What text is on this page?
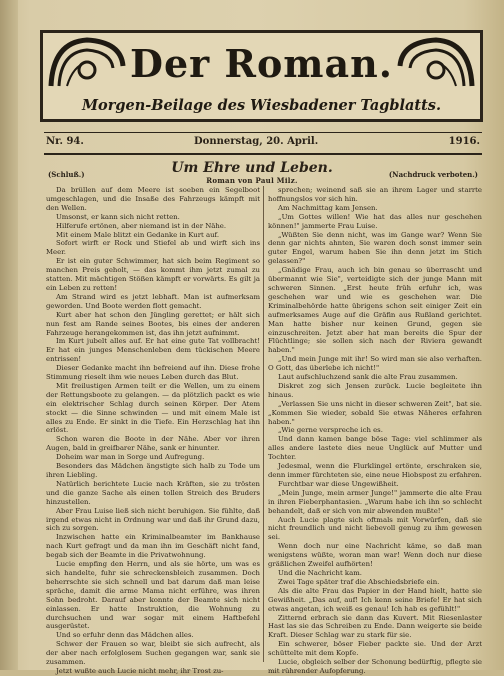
Der Roman.
Morgen-Beilage des Wiesbadener Tagblatts.
Nr. 94.	Donnerstag, 20. April.	1916.
Um Ehre und Leben.
(Schluß.)	(Nachdruck verboten.)
Roman von Paul Milz.

Da brüllen auf dem Meere ist soeben ein Segelboot umgeschlagen, und die Insaße des Fahrzeugs kämpft mit den Wellen.

Umsonst, er kann sich nicht retten.

Hilferufe ertönen, aber niemand ist in der Nähe.

Mit einem Male blitzt ein Gedanke in Kurt auf.

Sofort wirft er Rock und Stiefel ab und wirft sich ins Meer.

Er ist ein guter Schwimmer, hat sich beim Regiment so manchen Preis geholt, — das kommt ihm jetzt zumal zu statten. Mit mächtigen Stößen kämpft er vorwärts. Es gilt ja ein Leben zu retten!

Am Strand wird es jetzt lebhaft. Man ist aufmerksam geworden. Und Boote werden flott gemacht.

Kurt aber hat schon den Jüngling gerettet; er hält sich nun fest am Rande seines Bootes, bis eines der anderen Fahrzeuge herangekommen ist, das ihn jetzt aufnimmt.

Im Kurt jubelt alles auf. Er hat eine gute Tat vollbracht! Er hat ein junges Menschenleben dem tückischen Meere entrissen!

Dieser Gedanke macht ihn befreiend auf ihn. Diese frohe Stimmung rieselt ihm wie neues Leben durch das Blut.

Mit freilustigen Armen teilt er die Wellen, um zu einem der Rettungsboote zu gelangen. — da plötzlich packt es wie ein elektrischer Schlag durch seinen Körper. Der Atem stockt — die Sinne schwinden — und mit einem Male ist alles zu Ende. Er sinkt in die Tiefe. Ein Herzschlag hat ihn erlöst.

Schon waren die Boote in der Nähe. Aber vor ihren Augen, bald in greifbarer Nähe, sank er hinunter.

Doheim war man in Sorge und Aufregung.

Besonders das Mädchen ängstigte sich halb zu Tode um ihren Liebling.

Natürlich berichtete Lucie nach Kräften, sie zu trösten und die ganze Sache als einen tollen Streich des Bruders hinzustellen.

Aber Frau Luise ließ sich nicht beruhigen. Sie fühlte, daß irgend etwas nicht in Ordnung war und daß ihr Grund dazu, sich zu sorgen.

Inzwischen hatte ein Kriminalbeamter im Bankhause nach Kurt gefragt und da man ihn im Geschäft nicht fand, begab sich der Beamte in die Privatwohnung.

Lucie empfing den Herrn, und als sie hörte, um was es sich handelte, fuhr sie schreckensbleich zusammen. Doch beherrschte sie sich schnell und bat darum daß man leise spräche, damit die arme Mama nicht erführe, was ihren Sohn bedroht. Darauf aber konnte der Beamte sich nicht einlassen. Er hatte Instruktion, die Wohnung zu durchsuchen und war sogar mit einem Haftbefehl ausgerüstet.

Und so erfuhr denn das Mädchen alles.

Schwer der Frauen so war, bleibt sie sich aufrecht, als der aber nach erfolglosem Suchen gegangen war, sank sie zusammen.

Jetzt wußte auch Lucie nicht mehr, ihr Trost zu-

sprechen; weinend saß sie an ihrem Lager und starrte hoffnungslos vor sich hin.

Am Nachmittag kam Jensen.

„Um Gottes willen! Wie hat das alles nur geschehen können!" jammerte Frau Luise.

„Wüßten Sie denn nicht, was im Gange war? Wenn Sie denn gar nichts ahnten, Sie waren doch sonst immer sein guter Engel, warum haben Sie ihn denn jetzt im Stich gelassen?"

„Gnädige Frau, auch ich bin genau so überrascht und übermannt wie Sie", verteidigte sich der junge Mann mit schweren Sinnen. „Erst heute früh erfuhr ich, was geschehen war und wie es geschehen war. Die Kriminalbehörde hatte übrigens schon seit einiger Zeit ein aufmerksames Auge auf die Gräfin aus Rußland gerichtet. Man hatte bisher nur keinen Grund, gegen sie einzuschreiten. Jetzt aber hat man bereits die Spur der Flüchtlinge; sie sollen sich nach der Riviera gewandt haben."

„Und mein Junge mit ihr! So wird man sie also verhaften. O Gott, das überlebe ich nicht!"

Laut aufschluchzend sank die alte Frau zusammen.

Diskret zog sich Jensen zurück. Lucie begleitete ihn hinaus.

„Verlassen Sie uns nicht in dieser schweren Zeit", bat sie. „Kommen Sie wieder, sobald Sie etwas Näheres erfahren haben."

„Wie gerne verspreche ich es.

Und dann kamen bange böse Tage: viel schlimmer als alles andere lastete dies neue Unglück auf Mutter und Tochter.

Jedesmal, wenn die Flurklingel ertönte, erschraken sie, denn immer fürchteten sie, eine neue Hiobspost zu erfahren.

Furchtbar war diese Ungewißheit.

„Mein Junge, mein armer Junge!" jammerte die alte Frau in ihren Fieberphantasien. „Warum habe ich ihn so schlecht behandelt, daß er sich von mir abwenden mußte!"

Auch Lucie plagte sich oftmals mit Vorwürfen, daß sie nicht freundlich und nicht liebevoll genug zu ihm gewesen sei.

Wenn doch nur eine Nachricht käme, so daß man wenigstens wüßte, woran man war! Wenn doch nur diese gräßlichen Zweifel aufhörten!

Und die Nachricht kam.

Zwei Tage später traf die Abschiedsbriefe ein.

Als die alte Frau das Papier in der Hand hielt, hatte sie Gewißheit. „Das auf, auf! Ich kenn seine Briefe! Er hat sich etwas angetan, ich weiß es genau! Ich hab es gefühlt!"

Zitternd erbrach sie dann das Kuvert. Mit Riesenlaster Hast las sie das Schreiben zu Ende. Dann weigerte sie beide Kraft. Dieser Schlag war zu stark für sie.

Ein schwerer, böser Fieber packte sie. Und der Arzt schüttelte mit dem Kopfe.

Lucie, obgleich selber der Schonung bedürftig, pflegte sie mit rührender Aufopferung.
